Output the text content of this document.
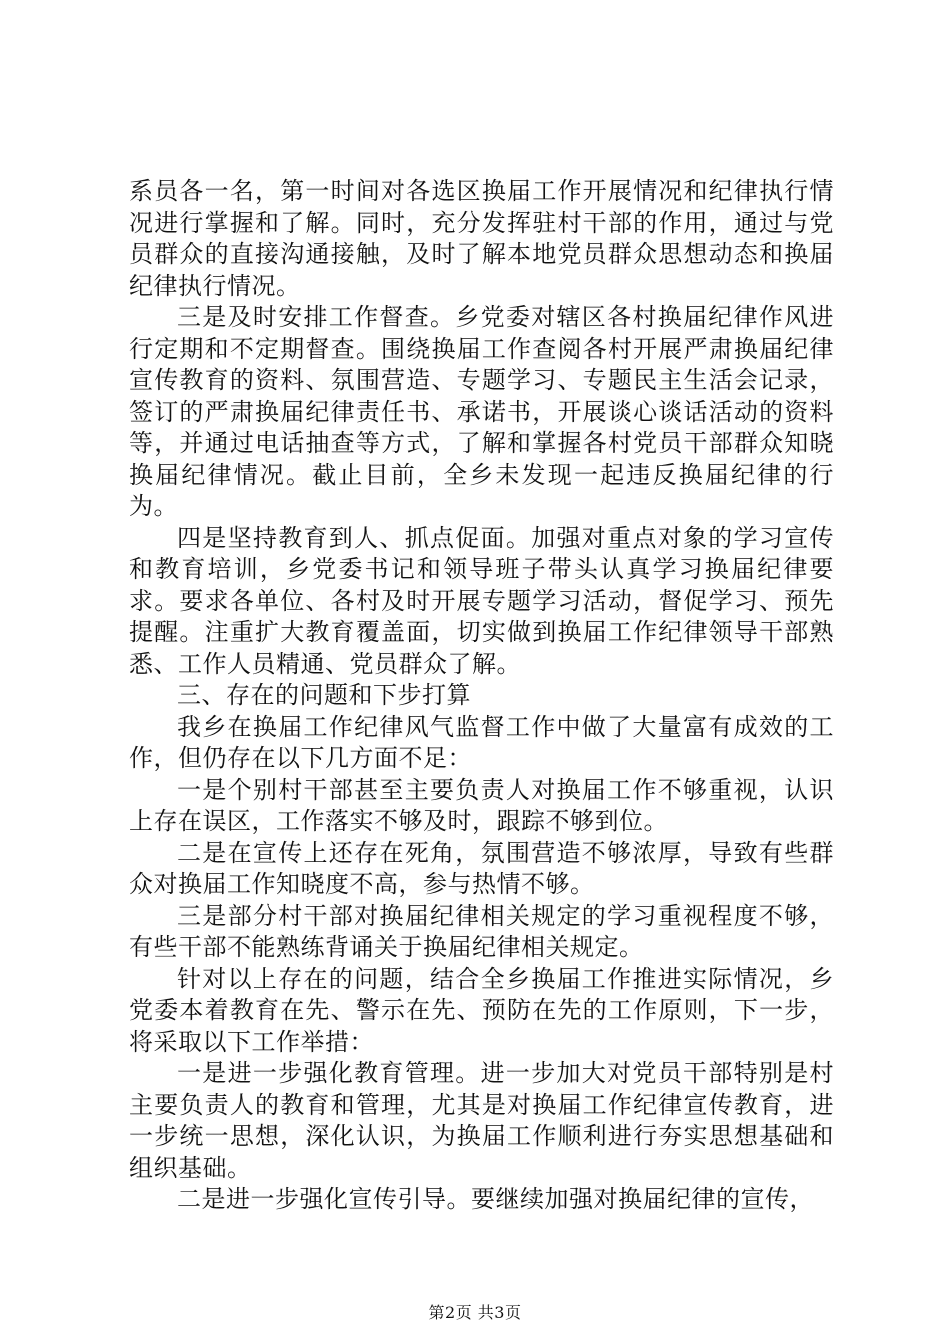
系员各一名，第一时间对各选区换届工作开展情况和纪律执行情况进行掌握和了解。同时，充分发挥驻村干部的作用，通过与党员群众的直接沟通接触，及时了解本地党员群众思想动态和换届纪律执行情况。

三是及时安排工作督查。乡党委对辖区各村换届纪律作风进行定期和不定期督查。围绕换届工作查阅各村开展严肃换届纪律宣传教育的资料、氛围营造、专题学习、专题民主生活会记录，签订的严肃换届纪律责任书、承诺书，开展谈心谈话活动的资料等，并通过电话抽查等方式，了解和掌握各村党员干部群众知晓换届纪律情况。截止目前，全乡未发现一起违反换届纪律的行为。

四是坚持教育到人、抓点促面。加强对重点对象的学习宣传和教育培训，乡党委书记和领导班子带头认真学习换届纪律要求。要求各单位、各村及时开展专题学习活动，督促学习、预先提醒。注重扩大教育覆盖面，切实做到换届工作纪律领导干部熟悉、工作人员精通、党员群众了解。

三、存在的问题和下步打算

我乡在换届工作纪律风气监督工作中做了大量富有成效的工作，但仍存在以下几方面不足：

一是个别村干部甚至主要负责人对换届工作不够重视，认识上存在误区，工作落实不够及时，跟踪不够到位。

二是在宣传上还存在死角，氛围营造不够浓厚，导致有些群众对换届工作知晓度不高，参与热情不够。

三是部分村干部对换届纪律相关规定的学习重视程度不够，有些干部不能熟练背诵关于换届纪律相关规定。

针对以上存在的问题，结合全乡换届工作推进实际情况，乡党委本着教育在先、警示在先、预防在先的工作原则，下一步，将采取以下工作举措：

一是进一步强化教育管理。进一步加大对党员干部特别是村主要负责人的教育和管理，尤其是对换届工作纪律宣传教育，进一步统一思想，深化认识，为换届工作顺利进行夯实思想基础和组织基础。

二是进一步强化宣传引导。要继续加强对换届纪律的宣传，

第2页 共3页
